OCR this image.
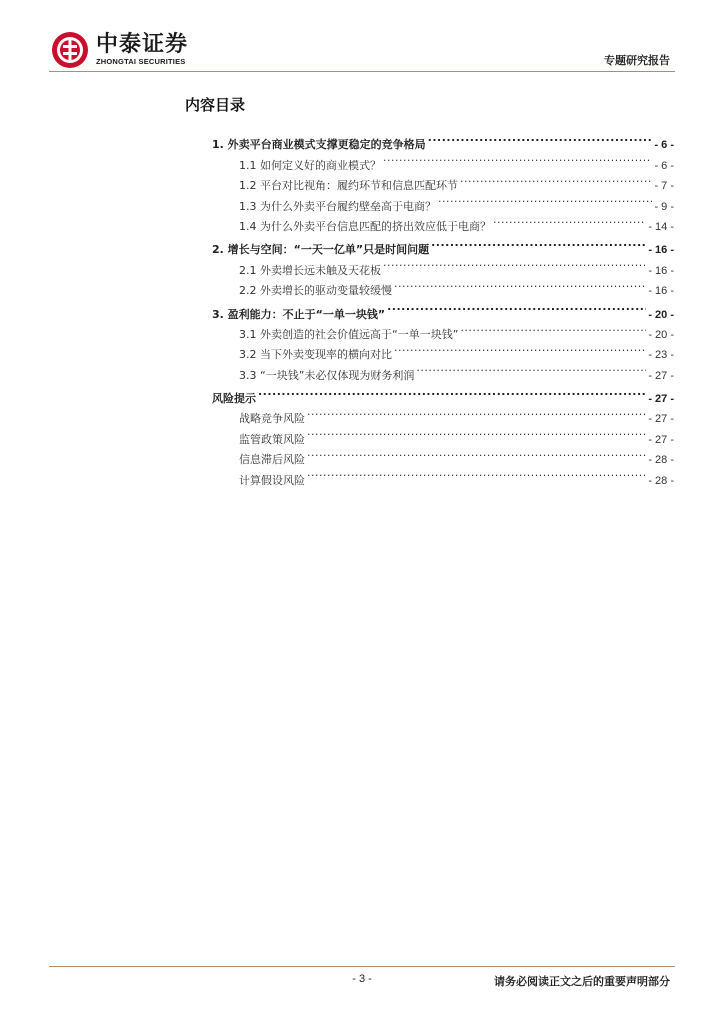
中泰证券
ZHONGTAI SECURITIES	专题研究报告
内容目录
1. 外卖平台商业模式支撑更稳定的竞争格局 .....	- 6 -
1.1 如何定义好的商业模式？ .....	- 6 -
1.2 平台对比视角：履约环节和信息匹配环节 .....	- 7 -
1.3 为什么外卖平台履约壁垒高于电商？ .....	- 9 -
1.4 为什么外卖平台信息匹配的挤出效应低于电商？ .....	- 14 -
2. 增长与空间：“一天一亿单”只是时间问题 .....	- 16 -
2.1 外卖增长远未触及天花板 .....	- 16 -
2.2 外卖增长的驱动变量较缓慢 .....	- 16 -
3. 盈利能力：不止于“一单一块钱” .....	- 20 -
3.1 外卖创造的社会价值远高于“一单一块钱” .....	- 20 -
3.2 当下外卖变现率的横向对比 .....	- 23 -
3.3 “一块钱”未必仅体现为财务利润 .....	- 27 -
风险提示 .....	- 27 -
战略竞争风险 .....	- 27 -
监管政策风险 .....	- 27 -
信息滞后风险 .....	- 28 -
计算假设风险 .....	- 28 -
- 3 -	请务必阅读正文之后的重要声明部分
